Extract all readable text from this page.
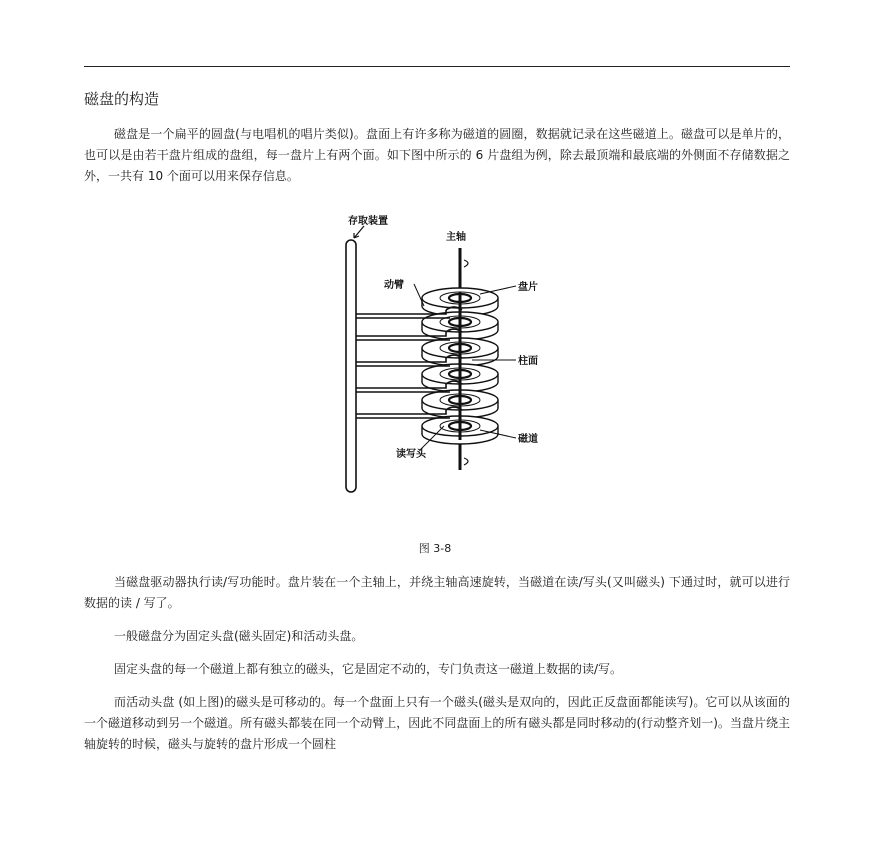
磁盘的构造

磁盘是一个扁平的圆盘(与电唱机的唱片类似)。盘面上有许多称为磁道的圆圈，数据就记录在这些磁道上。磁盘可以是单片的，也可以是由若干盘片组成的盘组，每一盘片上有两个面。如下图中所示的 6 片盘组为例，除去最顶端和最底端的外侧面不存储数据之外，一共有 10 个面可以用来保存信息。

存取装置
主轴
动臂	盘片
柱面
磁道
读写头

图 3-8

当磁盘驱动器执行读/写功能时。盘片装在一个主轴上，并绕主轴高速旋转，当磁道在读/写头(又叫磁头) 下通过时，就可以进行数据的读 / 写了。

一般磁盘分为固定头盘(磁头固定)和活动头盘。

固定头盘的每一个磁道上都有独立的磁头，它是固定不动的，专门负责这一磁道上数据的读/写。

而活动头盘 (如上图)的磁头是可移动的。每一个盘面上只有一个磁头(磁头是双向的，因此正反盘面都能读写)。它可以从该面的一个磁道移动到另一个磁道。所有磁头都装在同一个动臂上，因此不同盘面上的所有磁头都是同时移动的(行动整齐划一)。当盘片绕主轴旋转的时候，磁头与旋转的盘片形成一个圆柱
